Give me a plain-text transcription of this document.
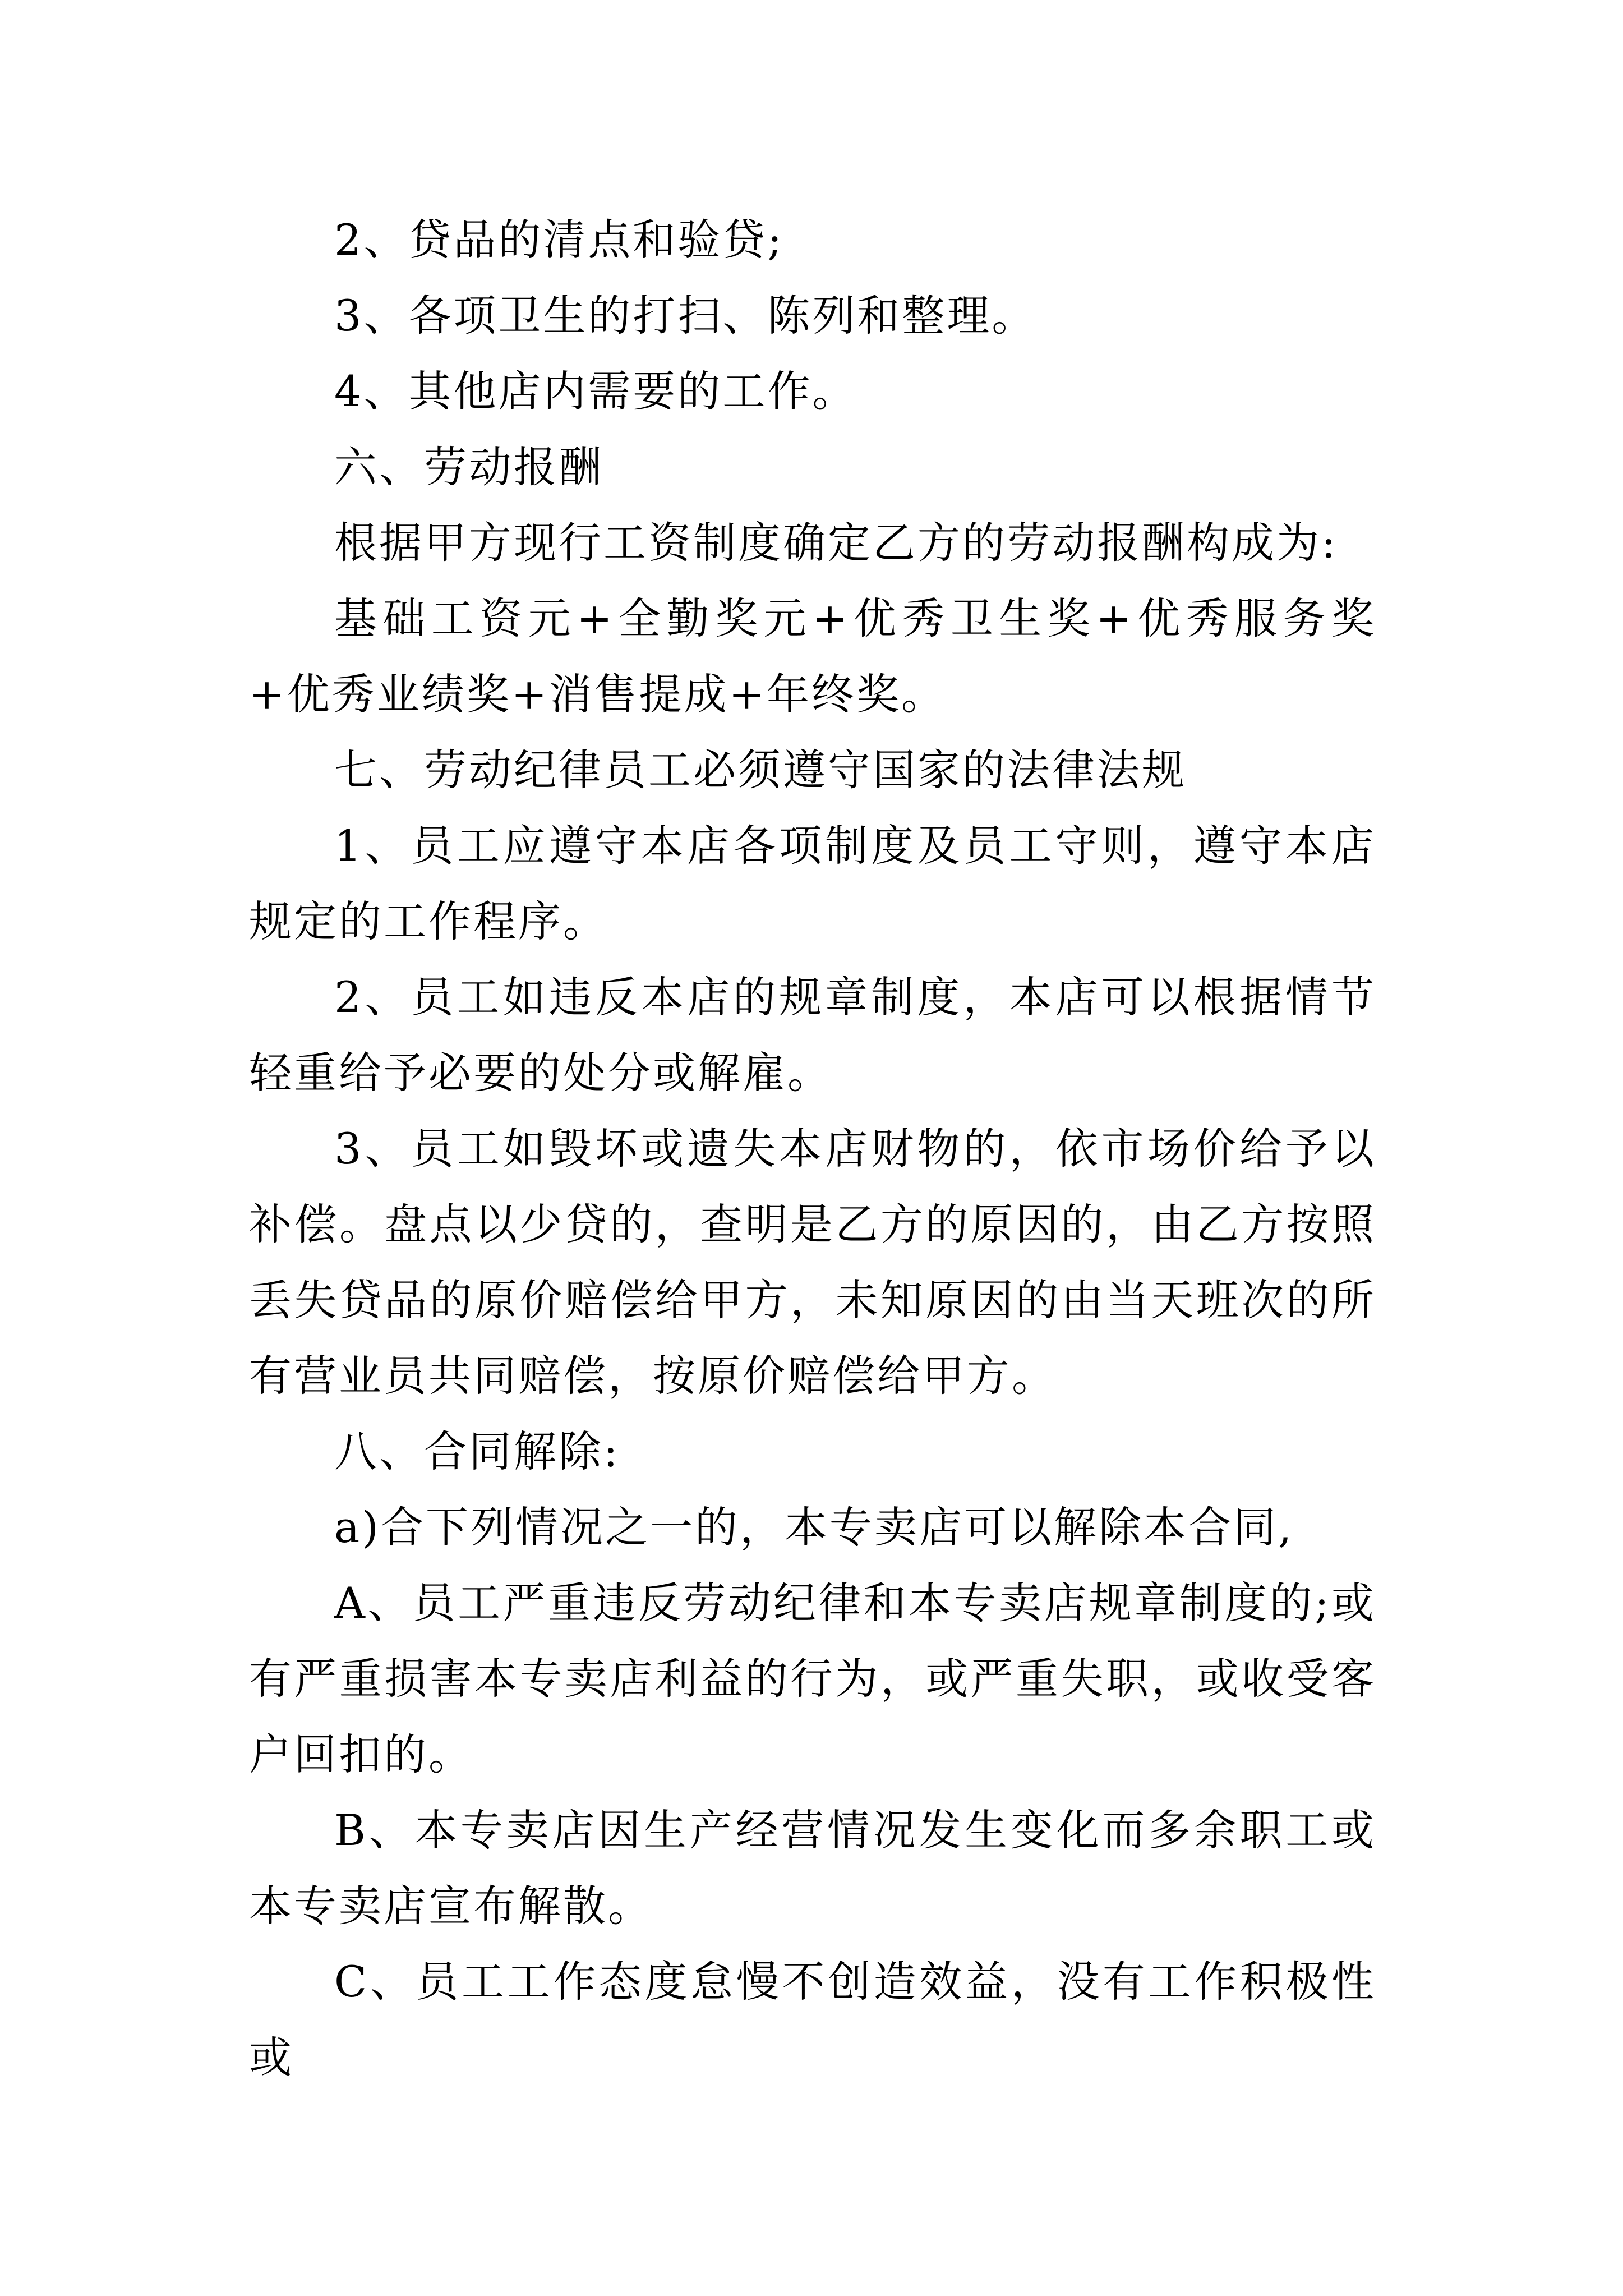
2、贷品的清点和验贷;

3、各项卫生的打扫、陈列和整理。

4、其他店内需要的工作。

六、劳动报酬

根据甲方现行工资制度确定乙方的劳动报酬构成为:

基础工资元+全勤奖元+优秀卫生奖+优秀服务奖+优秀业绩奖+消售提成+年终奖。

七、劳动纪律员工必须遵守国家的法律法规

1、员工应遵守本店各项制度及员工守则，遵守本店规定的工作程序。

2、员工如违反本店的规章制度，本店可以根据情节轻重给予必要的处分或解雇。

3、员工如毁坏或遗失本店财物的，依市场价给予以补偿。盘点以少贷的，查明是乙方的原因的，由乙方按照丢失贷品的原价赔偿给甲方，未知原因的由当天班次的所有营业员共同赔偿，按原价赔偿给甲方。

八、合同解除:

a)合下列情况之一的，本专卖店可以解除本合同,

A、员工严重违反劳动纪律和本专卖店规章制度的;或有严重损害本专卖店利益的行为，或严重失职，或收受客户回扣的。

B、本专卖店因生产经营情况发生变化而多余职工或本专卖店宣布解散。

C、员工工作态度怠慢不创造效益，没有工作积极性或
